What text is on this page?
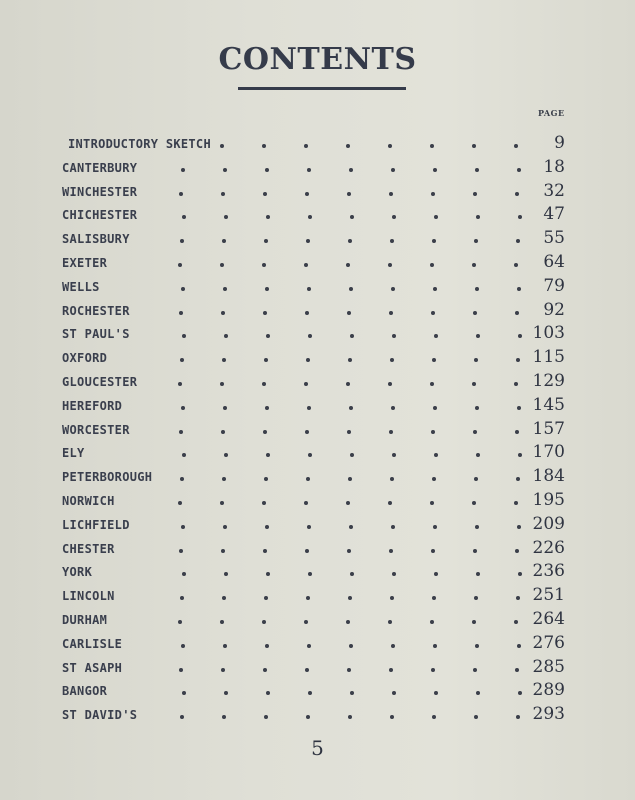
CONTENTS
PAGE
INTRODUCTORY SKETCH	9
CANTERBURY	18
WINCHESTER	32
CHICHESTER	47
SALISBURY	55
EXETER	64
WELLS	79
ROCHESTER	92
ST PAUL'S	103
OXFORD	115
GLOUCESTER	129
HEREFORD	145
WORCESTER	157
ELY	170
PETERBOROUGH	184
NORWICH	195
LICHFIELD	209
CHESTER	226
YORK	236
LINCOLN	251
DURHAM	264
CARLISLE	276
ST ASAPH	285
BANGOR	289
ST DAVID'S	293
5
